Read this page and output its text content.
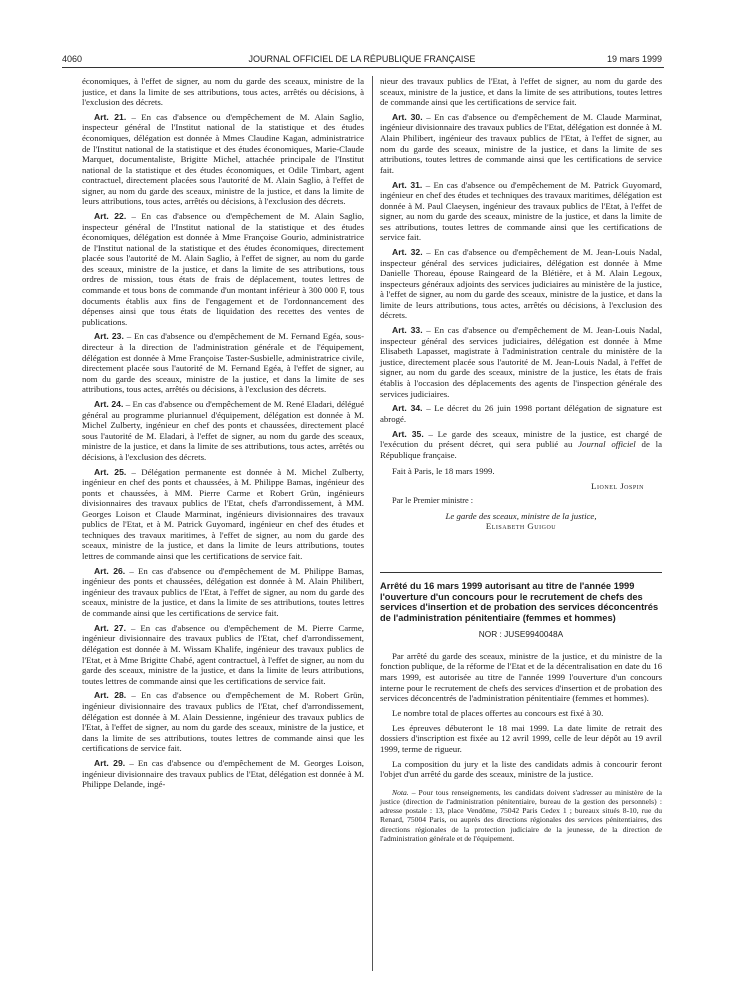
4060	JOURNAL OFFICIEL DE LA RÉPUBLIQUE FRANÇAISE	19 mars 1999

économiques, à l'effet de signer, au nom du garde des sceaux, ministre de la justice, et dans la limite de ses attributions, tous actes, arrêtés ou décisions, à l'exclusion des décrets.

Art. 21. – En cas d'absence ou d'empêchement de M. Alain Saglio, inspecteur général de l'Institut national de la statistique et des études économiques, délégation est donnée à Mmes Claudine Kagan, administratrice de l'Institut national de la statistique et des études économiques, Marie-Claude Marquet, documentaliste, Brigitte Michel, attachée principale de l'Institut national de la statistique et des études économiques, et Odile Timbart, agent contractuel, directement placées sous l'autorité de M. Alain Saglio, à l'effet de signer, au nom du garde des sceaux, ministre de la justice, et dans la limite de leurs attributions, tous actes, arrêtés ou décisions, à l'exclusion des décrets.

Art. 22. – En cas d'absence ou d'empêchement de M. Alain Saglio, inspecteur général de l'Institut national de la statistique et des études économiques, délégation est donnée à Mme Françoise Gourio, administratrice de l'Institut national de la statistique et des études économiques, directement placée sous l'autorité de M. Alain Saglio, à l'effet de signer, au nom du garde des sceaux, ministre de la justice, et dans la limite de ses attributions, tous ordres de mission, tous états de frais de déplacement, toutes lettres de commande et tous bons de commande d'un montant inférieur à 300 000 F, tous documents établis aux fins de l'engagement et de l'ordonnancement des dépenses ainsi que tous états de liquidation des recettes des ventes de publications.

Art. 23. – En cas d'absence ou d'empêchement de M. Fernand Egéa, sous-directeur à la direction de l'administration générale et de l'équipement, délégation est donnée à Mme Françoise Taster-Susbielle, administratrice civile, directement placée sous l'autorité de M. Fernand Egéa, à l'effet de signer, au nom du garde des sceaux, ministre de la justice, et dans la limite de ses attributions, tous actes, arrêtés ou décisions, à l'exclusion des décrets.

Art. 24. – En cas d'absence ou d'empêchement de M. René Eladari, délégué général au programme pluriannuel d'équipement, délégation est donnée à M. Michel Zulberty, ingénieur en chef des ponts et chaussées, directement placé sous l'autorité de M. Eladari, à l'effet de signer, au nom du garde des sceaux, ministre de la justice, et dans la limite de ses attributions, tous actes, arrêtés ou décisions, à l'exclusion des décrets.

Art. 25. – Délégation permanente est donnée à M. Michel Zulberty, ingénieur en chef des ponts et chaussées, à M. Philippe Bamas, ingénieur des ponts et chaussées, à MM. Pierre Carme et Robert Grün, ingénieurs divisionnaires des travaux publics de l'Etat, chefs d'arrondissement, à MM. Georges Loison et Claude Marminat, ingénieurs divisionnaires des travaux publics de l'Etat, et à M. Patrick Guyomard, ingénieur en chef des études et techniques des travaux maritimes, à l'effet de signer, au nom du garde des sceaux, ministre de la justice, et dans la limite de leurs attributions, toutes lettres de commande ainsi que les certifications de service fait.

Art. 26. – En cas d'absence ou d'empêchement de M. Philippe Bamas, ingénieur des ponts et chaussées, délégation est donnée à M. Alain Philibert, ingénieur des travaux publics de l'Etat, à l'effet de signer, au nom du garde des sceaux, ministre de la justice, et dans la limite de ses attributions, toutes lettres de commande ainsi que les certifications de service fait.

Art. 27. – En cas d'absence ou d'empêchement de M. Pierre Carme, ingénieur divisionnaire des travaux publics de l'Etat, chef d'arrondissement, délégation est donnée à M. Wissam Khalife, ingénieur des travaux publics de l'Etat, et à Mme Brigitte Chabé, agent contractuel, à l'effet de signer, au nom du garde des sceaux, ministre de la justice, et dans la limite de leurs attributions, toutes lettres de commande ainsi que les certifications de service fait.

Art. 28. – En cas d'absence ou d'empêchement de M. Robert Grün, ingénieur divisionnaire des travaux publics de l'Etat, chef d'arrondissement, délégation est donnée à M. Alain Dessienne, ingénieur des travaux publics de l'Etat, à l'effet de signer, au nom du garde des sceaux, ministre de la justice, et dans la limite de ses attributions, toutes lettres de commande ainsi que les certifications de service fait.

Art. 29. – En cas d'absence ou d'empêchement de M. Georges Loison, ingénieur divisionnaire des travaux publics de l'Etat, délégation est donnée à M. Philippe Delande, ingé-

nieur des travaux publics de l'Etat, à l'effet de signer, au nom du garde des sceaux, ministre de la justice, et dans la limite de ses attributions, toutes lettres de commande ainsi que les certifications de service fait.

Art. 30. – En cas d'absence ou d'empêchement de M. Claude Marminat, ingénieur divisionnaire des travaux publics de l'Etat, délégation est donnée à M. Alain Philibert, ingénieur des travaux publics de l'Etat, à l'effet de signer, au nom du garde des sceaux, ministre de la justice, et dans la limite de ses attributions, toutes lettres de commande ainsi que les certifications de service fait.

Art. 31. – En cas d'absence ou d'empêchement de M. Patrick Guyomard, ingénieur en chef des études et techniques des travaux maritimes, délégation est donnée à M. Paul Claeysen, ingénieur des travaux publics de l'Etat, à l'effet de signer, au nom du garde des sceaux, ministre de la justice, et dans la limite de ses attributions, toutes lettres de commande ainsi que les certifications de service fait.

Art. 32. – En cas d'absence ou d'empêchement de M. Jean-Louis Nadal, inspecteur général des services judiciaires, délégation est donnée à Mme Danielle Thoreau, épouse Raingeard de la Blétière, et à M. Alain Legoux, inspecteurs généraux adjoints des services judiciaires au ministère de la justice, à l'effet de signer, au nom du garde des sceaux, ministre de la justice, et dans la limite de leurs attributions, tous actes, arrêtés ou décisions, à l'exclusion des décrets.

Art. 33. – En cas d'absence ou d'empêchement de M. Jean-Louis Nadal, inspecteur général des services judiciaires, délégation est donnée à Mme Elisabeth Lapasset, magistrate à l'administration centrale du ministère de la justice, directement placée sous l'autorité de M. Jean-Louis Nadal, à l'effet de signer, au nom du garde des sceaux, ministre de la justice, les états de frais établis à l'occasion des déplacements des agents de l'inspection générale des services judiciaires.

Art. 34. – Le décret du 26 juin 1998 portant délégation de signature est abrogé.

Art. 35. – Le garde des sceaux, ministre de la justice, est chargé de l'exécution du présent décret, qui sera publié au Journal officiel de la République française.

Fait à Paris, le 18 mars 1999.

Lionel Jospin

Par le Premier ministre :

Le garde des sceaux, ministre de la justice,

Elisabeth Guigou

Arrêté du 16 mars 1999 autorisant au titre de l'année 1999 l'ouverture d'un concours pour le recrutement de chefs des services d'insertion et de probation des services déconcentrés de l'administration pénitentiaire (femmes et hommes)
NOR : JUSE9940048A

Par arrêté du garde des sceaux, ministre de la justice, et du ministre de la fonction publique, de la réforme de l'Etat et de la décentralisation en date du 16 mars 1999, est autorisée au titre de l'année 1999 l'ouverture d'un concours interne pour le recrutement de chefs des services d'insertion et de probation des services déconcentrés de l'administration pénitentiaire (femmes et hommes).

Le nombre total de places offertes au concours est fixé à 30.

Les épreuves débuteront le 18 mai 1999. La date limite de retrait des dossiers d'inscription est fixée au 12 avril 1999, celle de leur dépôt au 19 avril 1999, terme de rigueur.

La composition du jury et la liste des candidats admis à concourir feront l'objet d'un arrêté du garde des sceaux, ministre de la justice.

Nota. – Pour tous renseignements, les candidats doivent s'adresser au ministère de la justice (direction de l'administration pénitentiaire, bureau de la gestion des personnels) : adresse postale : 13, place Vendôme, 75042 Paris Cedex 1 ; bureaux situés 8-10, rue du Renard, 75004 Paris, ou auprès des directions régionales des services pénitentiaires, des directions régionales de la protection judiciaire de la jeunesse, de la direction de l'administration générale et de l'équipement.
